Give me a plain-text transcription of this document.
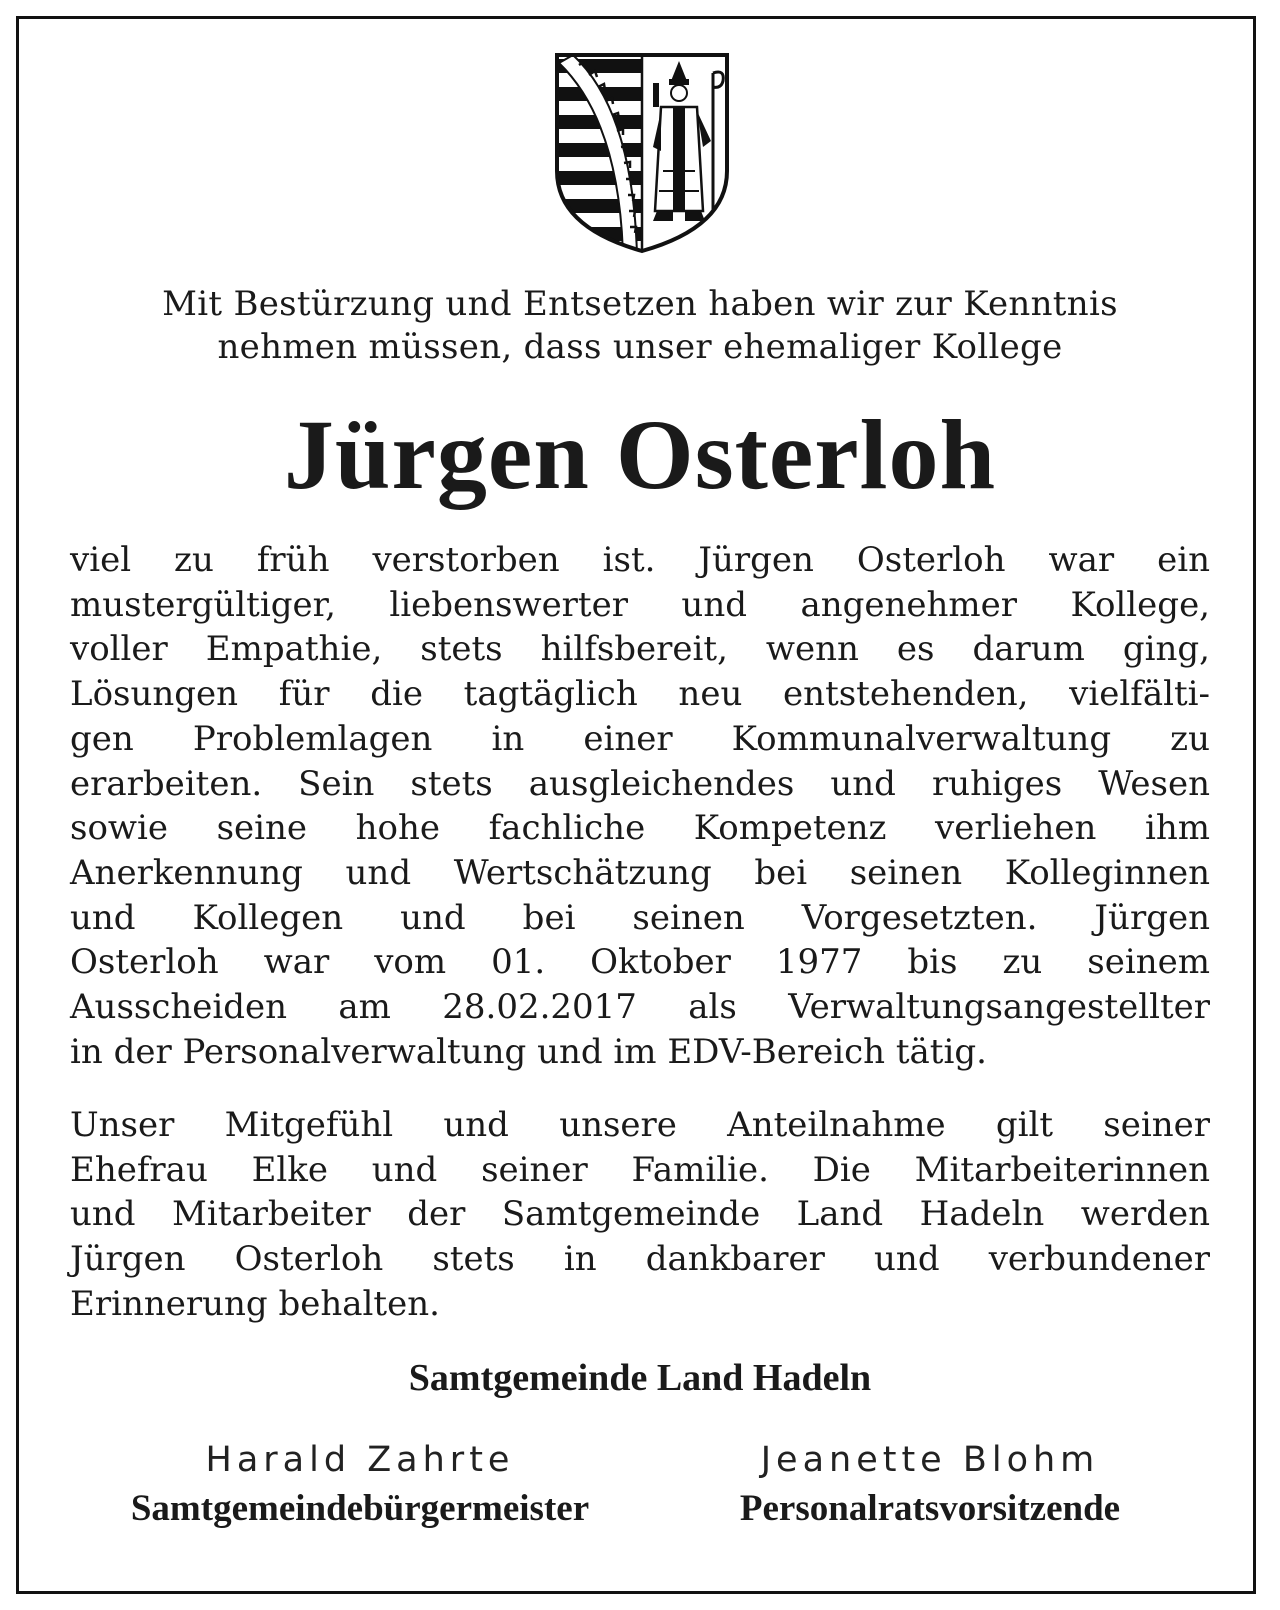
Mit Bestürzung und Entsetzen haben wir zur Kenntnis
nehmen müssen, dass unser ehemaliger Kollege
Jürgen Osterloh
viel zu früh verstorben ist. Jürgen Osterloh war ein
mustergültiger, liebenswerter und angenehmer Kollege,
voller Empathie, stets hilfsbereit, wenn es darum ging,
Lösungen für die tagtäglich neu entstehenden, vielfälti-
gen Problemlagen in einer Kommunalverwaltung zu
erarbeiten. Sein stets ausgleichendes und ruhiges Wesen
sowie seine hohe fachliche Kompetenz verliehen ihm
Anerkennung und Wertschätzung bei seinen Kolleginnen
und Kollegen und bei seinen Vorgesetzten. Jürgen
Osterloh war vom 01. Oktober 1977 bis zu seinem
Ausscheiden am 28.02.2017 als Verwaltungsangestellter
in der Personalverwaltung und im EDV-Bereich tätig.
Unser Mitgefühl und unsere Anteilnahme gilt seiner
Ehefrau Elke und seiner Familie. Die Mitarbeiterinnen
und Mitarbeiter der Samtgemeinde Land Hadeln werden
Jürgen Osterloh stets in dankbarer und verbundener
Erinnerung behalten.
Samtgemeinde Land Hadeln
Harald Zahrte
Samtgemeindebürgermeister
Jeanette Blohm
Personalratsvorsitzende
